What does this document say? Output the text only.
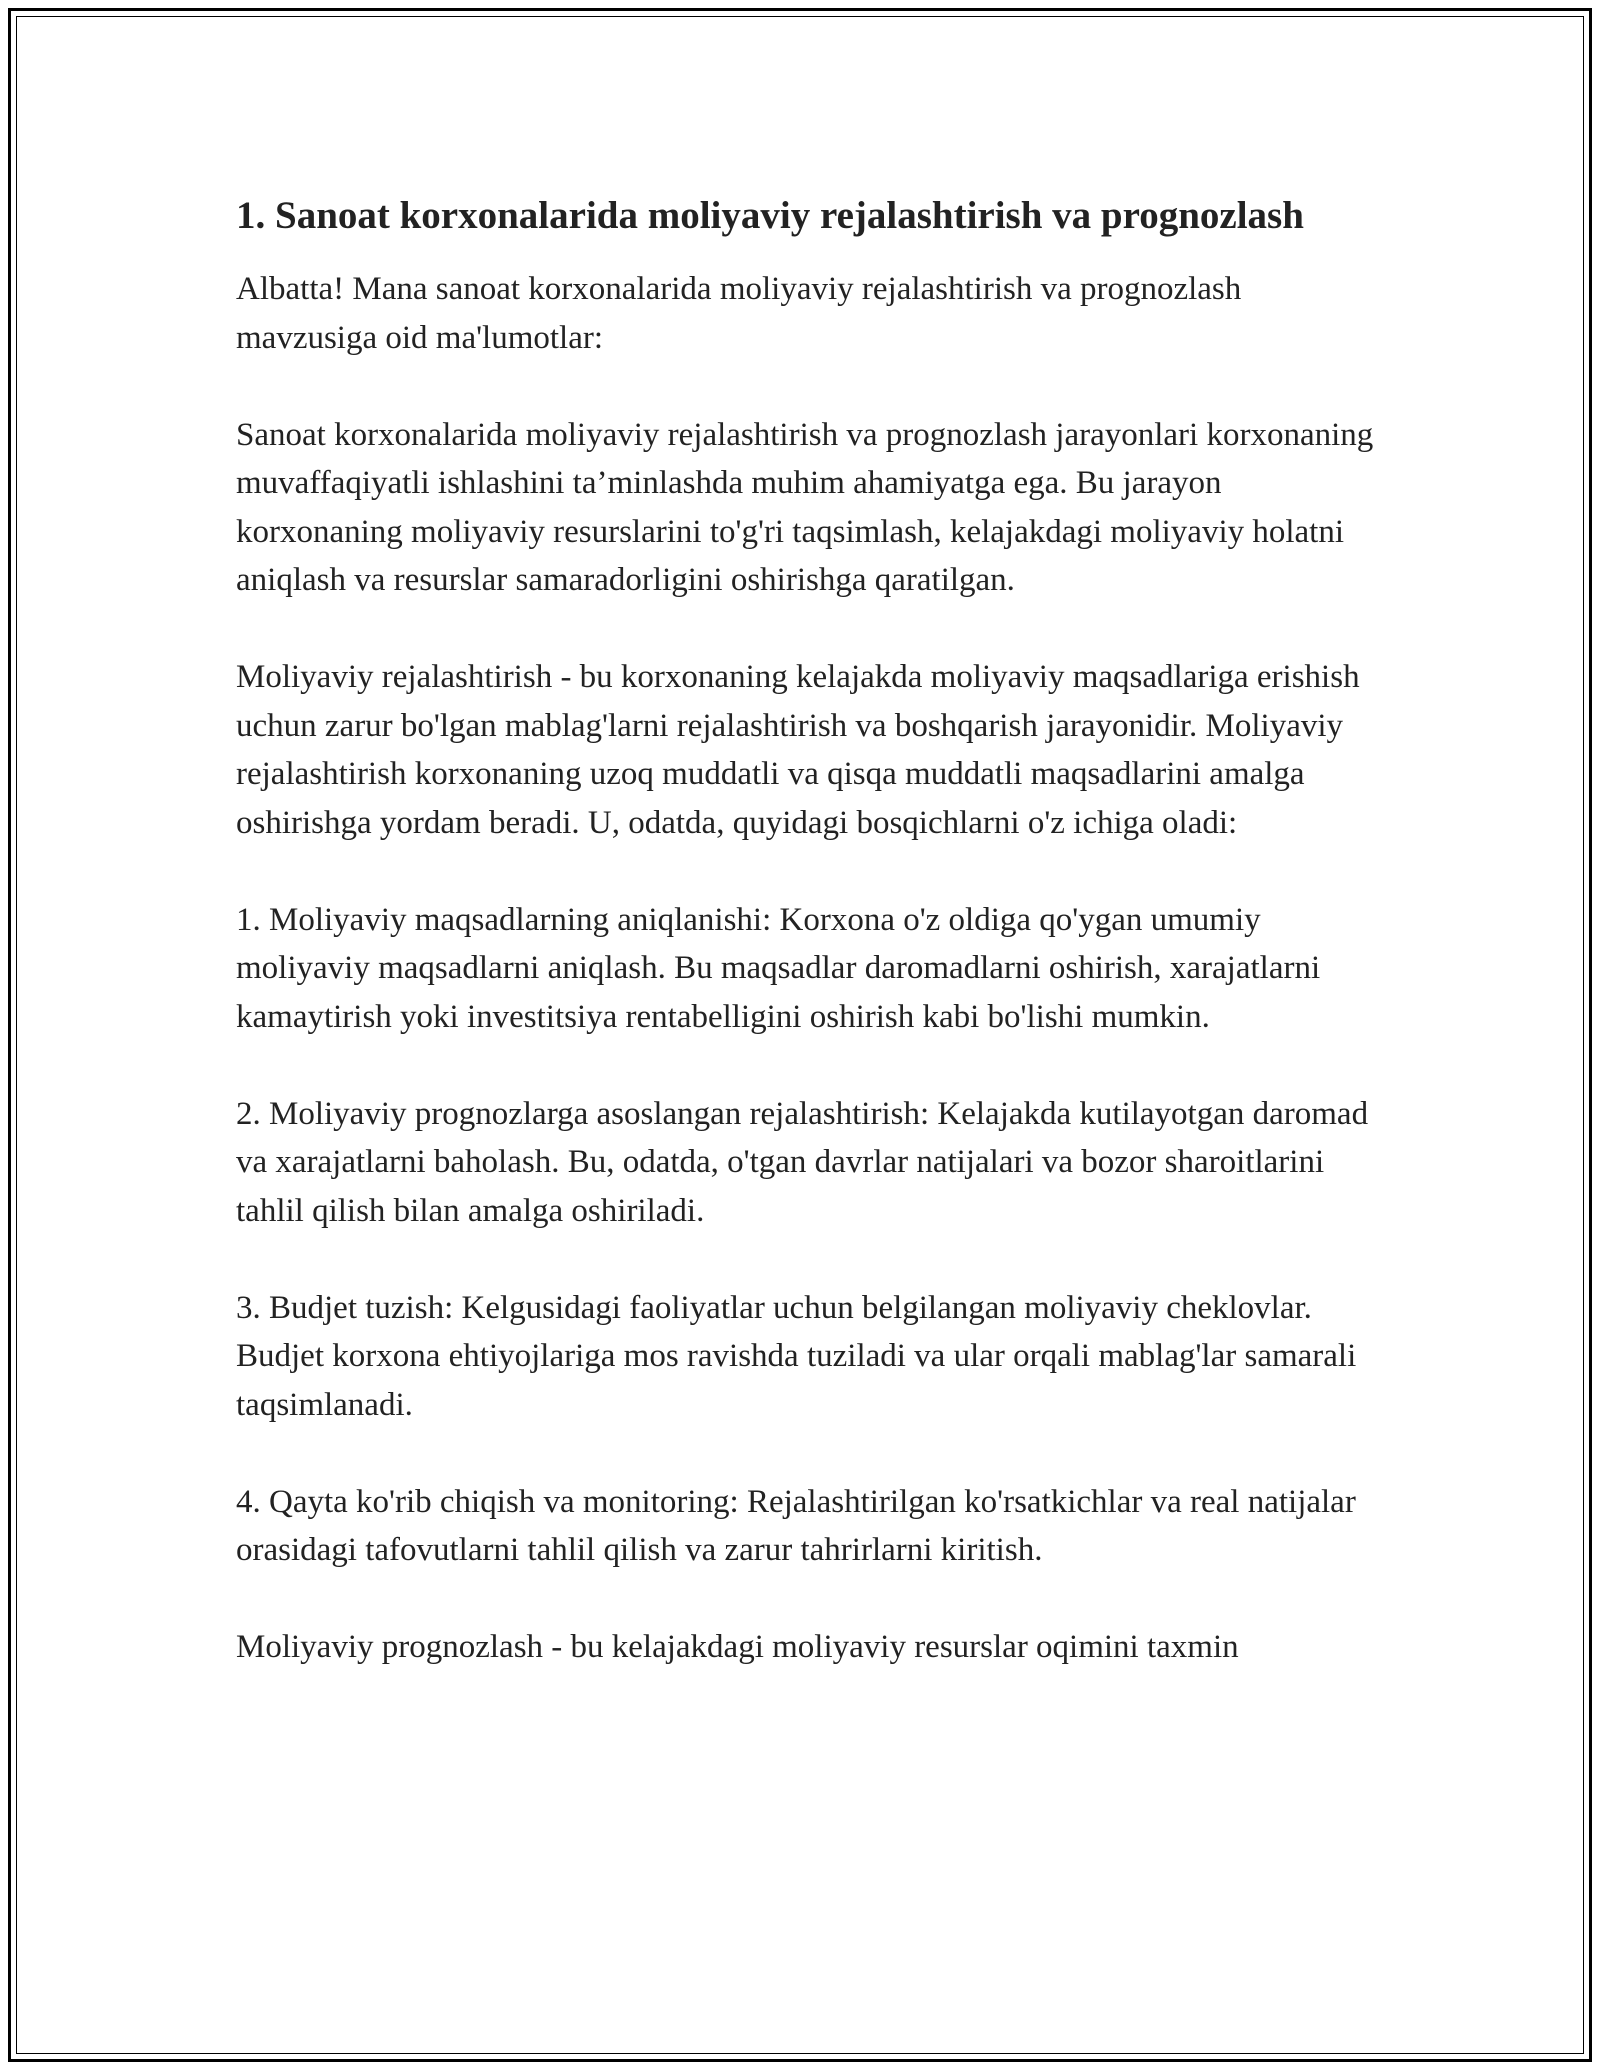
1. Sanoat korxonalarida moliyaviy rejalashtirish va prognozlash

Albatta! Mana sanoat korxonalarida moliyaviy rejalashtirish va prognozlash mavzusiga oid ma'lumotlar:

Sanoat korxonalarida moliyaviy rejalashtirish va prognozlash jarayonlari korxonaning muvaffaqiyatli ishlashini ta’minlashda muhim ahamiyatga ega. Bu jarayon korxonaning moliyaviy resurslarini to'g'ri taqsimlash, kelajakdagi moliyaviy holatni aniqlash va resurslar samaradorligini oshirishga qaratilgan.

Moliyaviy rejalashtirish - bu korxonaning kelajakda moliyaviy maqsadlariga erishish uchun zarur bo'lgan mablag'larni rejalashtirish va boshqarish jarayonidir. Moliyaviy rejalashtirish korxonaning uzoq muddatli va qisqa muddatli maqsadlarini amalga oshirishga yordam beradi. U, odatda, quyidagi bosqichlarni o'z ichiga oladi:

1. Moliyaviy maqsadlarning aniqlanishi: Korxona o'z oldiga qo'ygan umumiy moliyaviy maqsadlarni aniqlash. Bu maqsadlar daromadlarni oshirish, xarajatlarni kamaytirish yoki investitsiya rentabelligini oshirish kabi bo'lishi mumkin.

2. Moliyaviy prognozlarga asoslangan rejalashtirish: Kelajakda kutilayotgan daromad va xarajatlarni baholash. Bu, odatda, o'tgan davrlar natijalari va bozor sharoitlarini tahlil qilish bilan amalga oshiriladi.

3. Budjet tuzish: Kelgusidagi faoliyatlar uchun belgilangan moliyaviy cheklovlar. Budjet korxona ehtiyojlariga mos ravishda tuziladi va ular orqali mablag'lar samarali taqsimlanadi.

4. Qayta ko'rib chiqish va monitoring: Rejalashtirilgan ko'rsatkichlar va real natijalar orasidagi tafovutlarni tahlil qilish va zarur tahrirlarni kiritish.

Moliyaviy prognozlash - bu kelajakdagi moliyaviy resurslar oqimini taxmin
